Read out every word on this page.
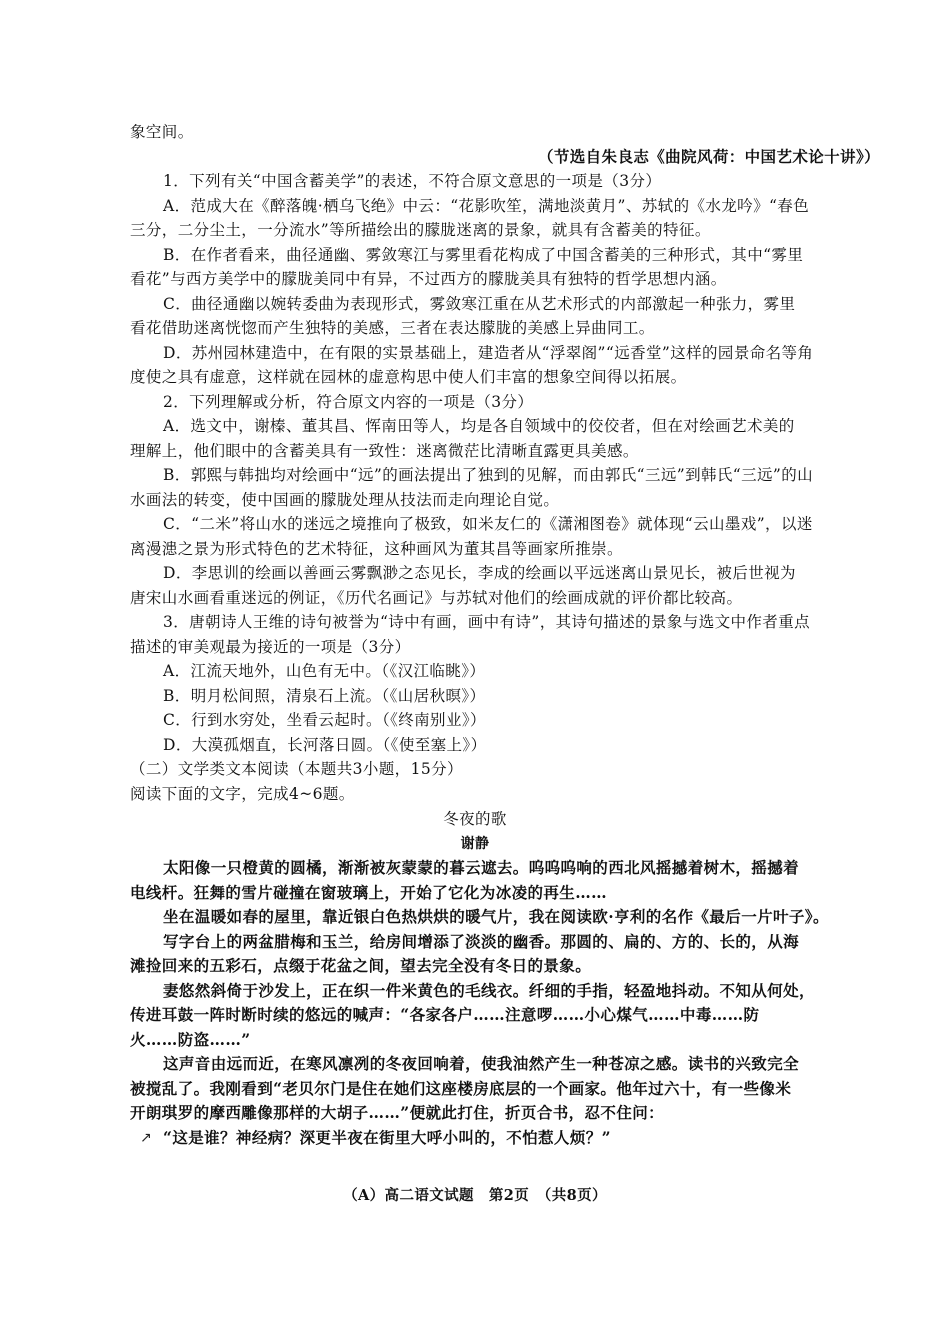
象空间。
（节选自朱良志《曲院风荷：中国艺术论十讲》）
1．下列有关“中国含蓄美学”的表述，不符合原文意思的一项是（3分）
A．范成大在《醉落魄·栖乌飞绝》中云：“花影吹笙，满地淡黄月”、苏轼的《水龙吟》“春色
三分，二分尘土，一分流水”等所描绘出的朦胧迷离的景象，就具有含蓄美的特征。
B．在作者看来，曲径通幽、雾敛寒江与雾里看花构成了中国含蓄美的三种形式，其中“雾里
看花”与西方美学中的朦胧美同中有异，不过西方的朦胧美具有独特的哲学思想内涵。
C．曲径通幽以婉转委曲为表现形式，雾敛寒江重在从艺术形式的内部激起一种张力，雾里
看花借助迷离恍惚而产生独特的美感，三者在表达朦胧的美感上异曲同工。
D．苏州园林建造中，在有限的实景基础上，建造者从“浮翠阁”“远香堂”这样的园景命名等角
度使之具有虚意，这样就在园林的虚意构思中使人们丰富的想象空间得以拓展。
2．下列理解或分析，符合原文内容的一项是（3分）
A．选文中，谢榛、董其昌、恽南田等人，均是各自领域中的佼佼者，但在对绘画艺术美的
理解上，他们眼中的含蓄美具有一致性：迷离微茫比清晰直露更具美感。
B．郭熙与韩拙均对绘画中“远”的画法提出了独到的见解，而由郭氏“三远”到韩氏“三远”的山
水画法的转变，使中国画的朦胧处理从技法而走向理论自觉。
C．“二米”将山水的迷远之境推向了极致，如米友仁的《潇湘图卷》就体现“云山墨戏”，以迷
离漫漶之景为形式特色的艺术特征，这种画风为董其昌等画家所推崇。
D．李思训的绘画以善画云雾飘渺之态见长，李成的绘画以平远迷离山景见长，被后世视为
唐宋山水画看重迷远的例证，《历代名画记》与苏轼对他们的绘画成就的评价都比较高。
3．唐朝诗人王维的诗句被誉为“诗中有画，画中有诗”，其诗句描述的景象与选文中作者重点
描述的审美观最为接近的一项是（3分）
A．江流天地外，山色有无中。（《汉江临眺》）
B．明月松间照，清泉石上流。（《山居秋暝》）
C．行到水穷处，坐看云起时。（《终南别业》）
D．大漠孤烟直，长河落日圆。（《使至塞上》）
（二）文学类文本阅读（本题共3小题，15分）
阅读下面的文字，完成4~6题。
冬夜的歌
谢静
太阳像一只橙黄的圆橘，渐渐被灰蒙蒙的暮云遮去。呜呜呜响的西北风摇撼着树木，摇撼着
电线杆。狂舞的雪片碰撞在窗玻璃上，开始了它化为冰凌的再生……
坐在温暖如春的屋里，靠近银白色热烘烘的暖气片，我在阅读欧·亨利的名作《最后一片叶子》。
写字台上的两盆腊梅和玉兰，给房间增添了淡淡的幽香。那圆的、扁的、方的、长的，从海
滩捡回来的五彩石，点缀于花盆之间，望去完全没有冬日的景象。
妻悠然斜倚于沙发上，正在织一件米黄色的毛线衣。纤细的手指，轻盈地抖动。不知从何处，
传进耳鼓一阵时断时续的悠远的喊声：“各家各户……注意啰……小心煤气……中毒……防
火……防盗……”
这声音由远而近，在寒风凛冽的冬夜回响着，使我油然产生一种苍凉之感。读书的兴致完全
被搅乱了。我刚看到“老贝尔门是住在她们这座楼房底层的一个画家。他年过六十，有一些像米
开朗琪罗的摩西雕像那样的大胡子……”便就此打住，折页合书，忍不住问：
↗ “这是谁？神经病？深更半夜在街里大呼小叫的，不怕惹人烦？”
（A）高二语文试题　第2页　（共8页）
